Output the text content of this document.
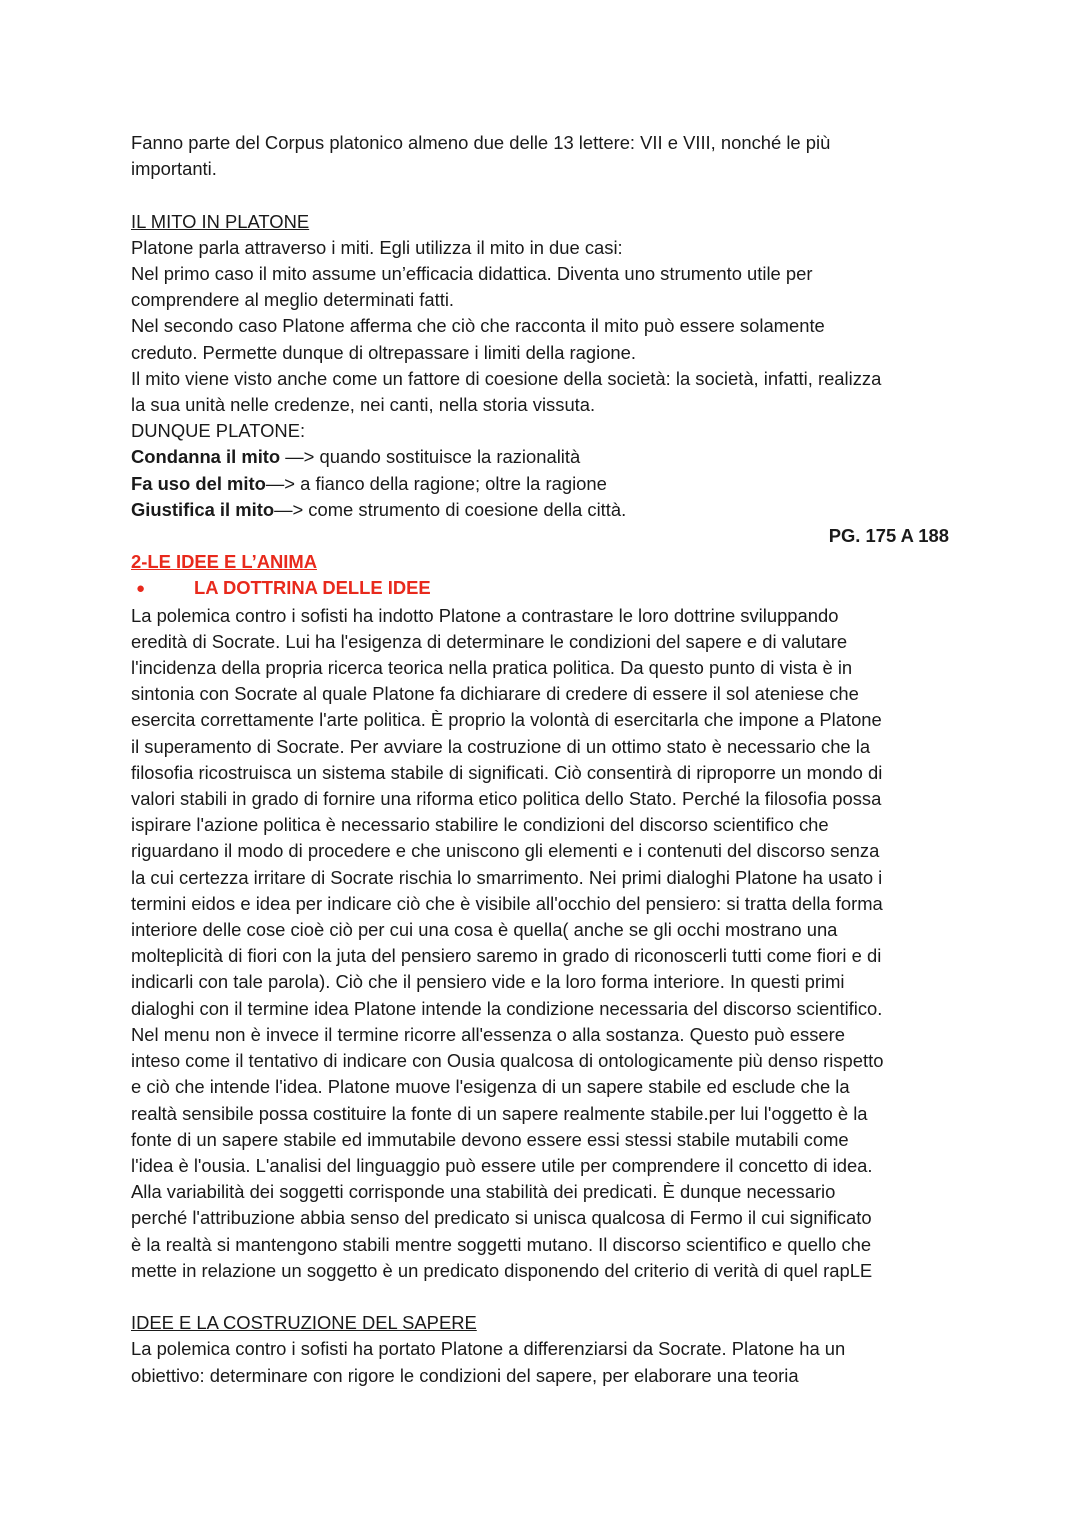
Fanno parte del Corpus platonico almeno due delle 13 lettere: VII e VIII, nonché le più

importanti.

IL MITO IN PLATONE

Platone parla attraverso i miti. Egli utilizza il mito in due casi:

Nel primo caso il mito assume un’efficacia didattica. Diventa uno strumento utile per

comprendere al meglio determinati fatti.

Nel secondo caso Platone afferma che ciò che racconta il mito può essere solamente

creduto. Permette dunque di oltrepassare i limiti della ragione.

Il mito viene visto anche come un fattore di coesione della società: la società, infatti, realizza

la sua unità nelle credenze, nei canti, nella storia vissuta.

DUNQUE PLATONE:

Condanna il mito —> quando sostituisce la razionalità

Fa uso del mito—> a fianco della ragione; oltre la ragione

Giustifica il mito—> come strumento di coesione della città.

PG. 175 A 188

2-LE IDEE E L’ANIMA

●	LA DOTTRINA DELLE IDEE

La polemica contro i sofisti ha indotto Platone a contrastare le loro dottrine sviluppando

eredità di Socrate. Lui ha l'esigenza di determinare le condizioni del sapere e di valutare

l'incidenza della propria ricerca teorica nella pratica politica. Da questo punto di vista è in

sintonia con Socrate al quale Platone fa dichiarare di credere di essere il sol ateniese che

esercita correttamente l'arte politica. È proprio la volontà di esercitarla che impone a Platone

il superamento di Socrate. Per avviare la costruzione di un ottimo stato è necessario che la

filosofia ricostruisca un sistema stabile di significati. Ciò consentirà di riproporre un mondo di

valori stabili in grado di fornire una riforma etico politica dello Stato. Perché la filosofia possa

ispirare l'azione politica è necessario stabilire le condizioni del discorso scientifico che

riguardano il modo di procedere e che uniscono gli elementi e i contenuti del discorso senza

la cui certezza irritare di Socrate rischia lo smarrimento. Nei primi dialoghi Platone ha usato i

termini eidos e idea per indicare ciò che è visibile all'occhio del pensiero: si tratta della forma

interiore delle cose cioè ciò per cui una cosa è quella( anche se gli occhi mostrano una

molteplicità di fiori con la juta del pensiero saremo in grado di riconoscerli tutti come fiori e di

indicarli con tale parola). Ciò che il pensiero vide e la loro forma interiore. In questi primi

dialoghi con il termine idea Platone intende la condizione necessaria del discorso scientifico.

Nel menu non è invece il termine ricorre all'essenza o alla sostanza. Questo può essere

inteso come il tentativo di indicare con Ousia qualcosa di ontologicamente più denso rispetto

e ciò che intende l'idea. Platone muove l'esigenza di un sapere stabile ed esclude che la

realtà sensibile possa costituire la fonte di un sapere realmente stabile.per lui l'oggetto è la

fonte di un sapere stabile ed immutabile devono essere essi stessi stabile mutabili come

l'idea è l'ousia. L'analisi del linguaggio può essere utile per comprendere il concetto di idea.

Alla variabilità dei soggetti corrisponde una stabilità dei predicati. È dunque necessario

perché l'attribuzione abbia senso del predicato si unisca qualcosa di Fermo il cui significato

è la realtà si mantengono stabili mentre soggetti mutano. Il discorso scientifico e quello che

mette in relazione un soggetto è un predicato disponendo del criterio di verità di quel rapLE

IDEE E LA COSTRUZIONE DEL SAPERE

La polemica contro i sofisti ha portato Platone a differenziarsi da Socrate. Platone ha un

obiettivo: determinare con rigore le condizioni del sapere, per elaborare una teoria
